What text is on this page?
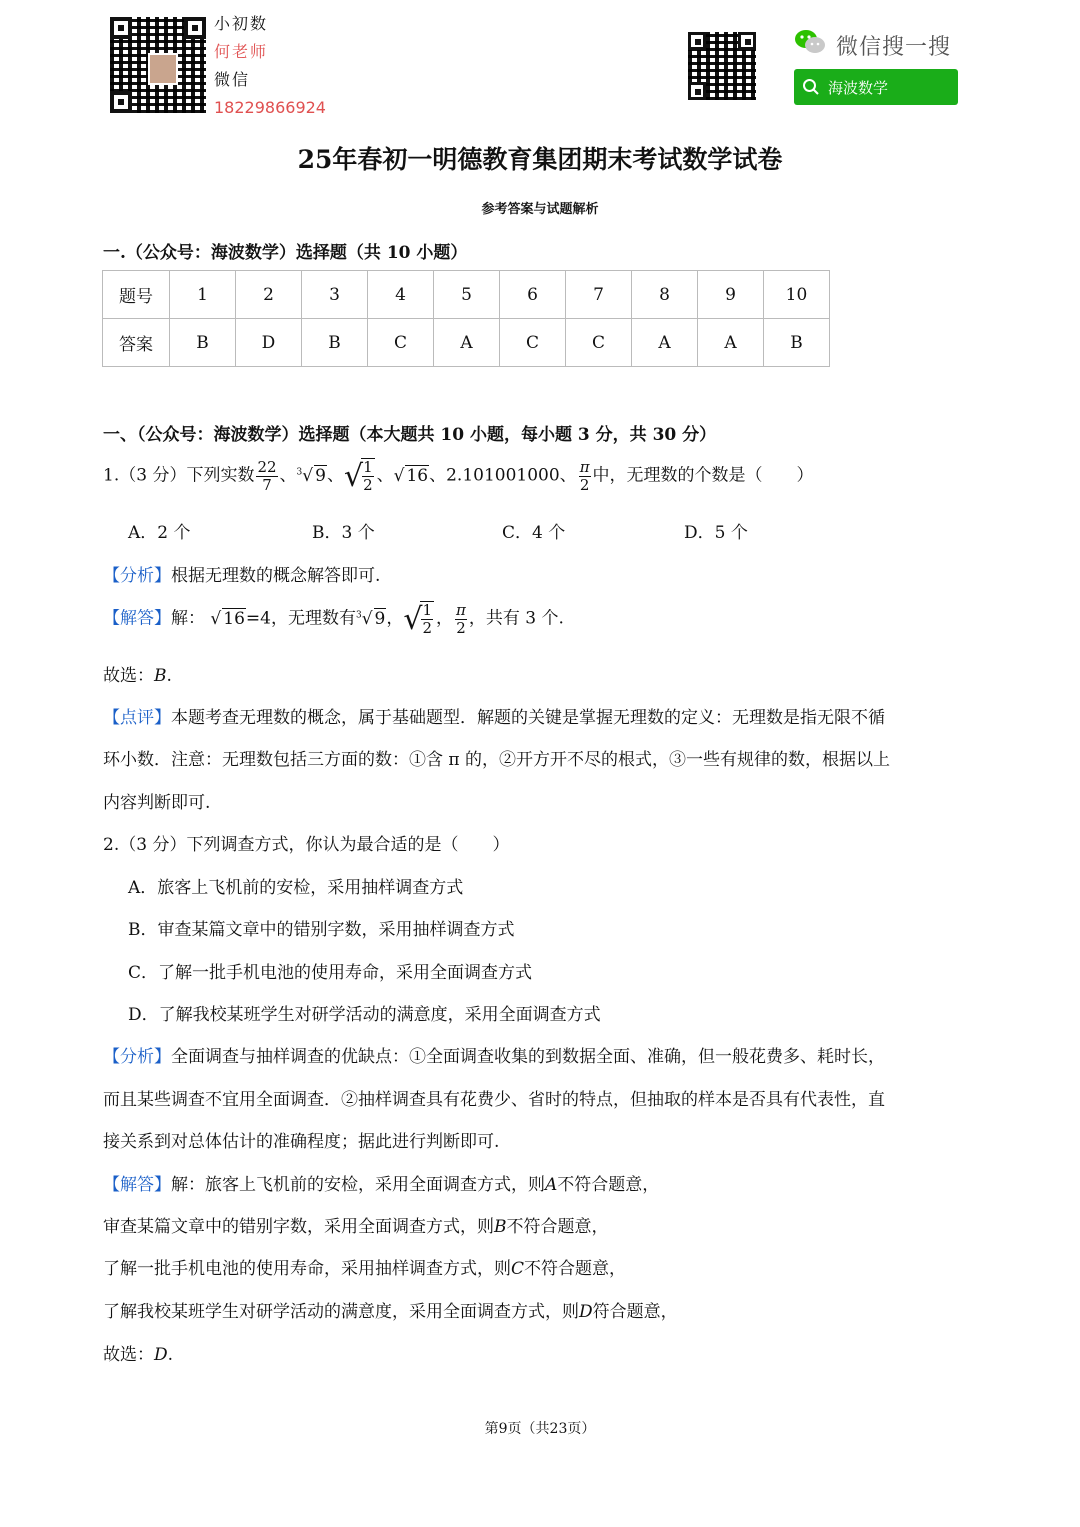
小初数
何老师
微信
18229866924
微信搜一搜
海波数学
25年春初一明德教育集团期末考试数学试卷
参考答案与试题解析
一.（公众号：海波数学）选择题（共 10 小题）
题号	1	2	3	4	5	6	7	8	9	10
答案	B	D	B	C	A	C	C	A	A	B
一、（公众号：海波数学）选择题（本大题共 10 小题，每小题 3 分，共 30 分）
1.（3 分）下列实数 $\frac{22}{7}$ 、$^3$√ 9、√
$\frac{1}{2}$ 、√ 16、2.101001000、 $\frac{\pi}{2}$ 中，无理数的个数是（　　）
A．2 个	B．3 个	C．4 个	D．5 个
【分析】根据无理数的概念解答即可.
【解答】解： √ 16=4，无理数有$^3$√ 9，√
$\frac{1}{2}$ ， $\frac{\pi}{2}$ ，共有 3 个.
故选：B.
【点评】本题考查无理数的概念，属于基础题型．解题的关键是掌握无理数的定义：无理数是指无限不循
环小数．注意：无理数包括三方面的数：①含 π 的，②开方开不尽的根式，③一些有规律的数，根据以上
内容判断即可.
2.（3 分）下列调查方式，你认为最合适的是（　　）
A．旅客上飞机前的安检，采用抽样调查方式
B．审查某篇文章中的错别字数，采用抽样调查方式
C．了解一批手机电池的使用寿命，采用全面调查方式
D．了解我校某班学生对研学活动的满意度，采用全面调查方式
【分析】全面调查与抽样调查的优缺点：①全面调查收集的到数据全面、准确，但一般花费多、耗时长，
而且某些调查不宜用全面调查．②抽样调查具有花费少、省时的特点，但抽取的样本是否具有代表性，直
接关系到对总体估计的准确程度；据此进行判断即可.
【解答】解：旅客上飞机前的安检，采用全面调查方式，则A不符合题意，
审查某篇文章中的错别字数，采用全面调查方式，则B不符合题意，
了解一批手机电池的使用寿命，采用抽样调查方式，则C不符合题意，
了解我校某班学生对研学活动的满意度，采用全面调查方式，则D符合题意，
故选：D.
第9页（共23页）
